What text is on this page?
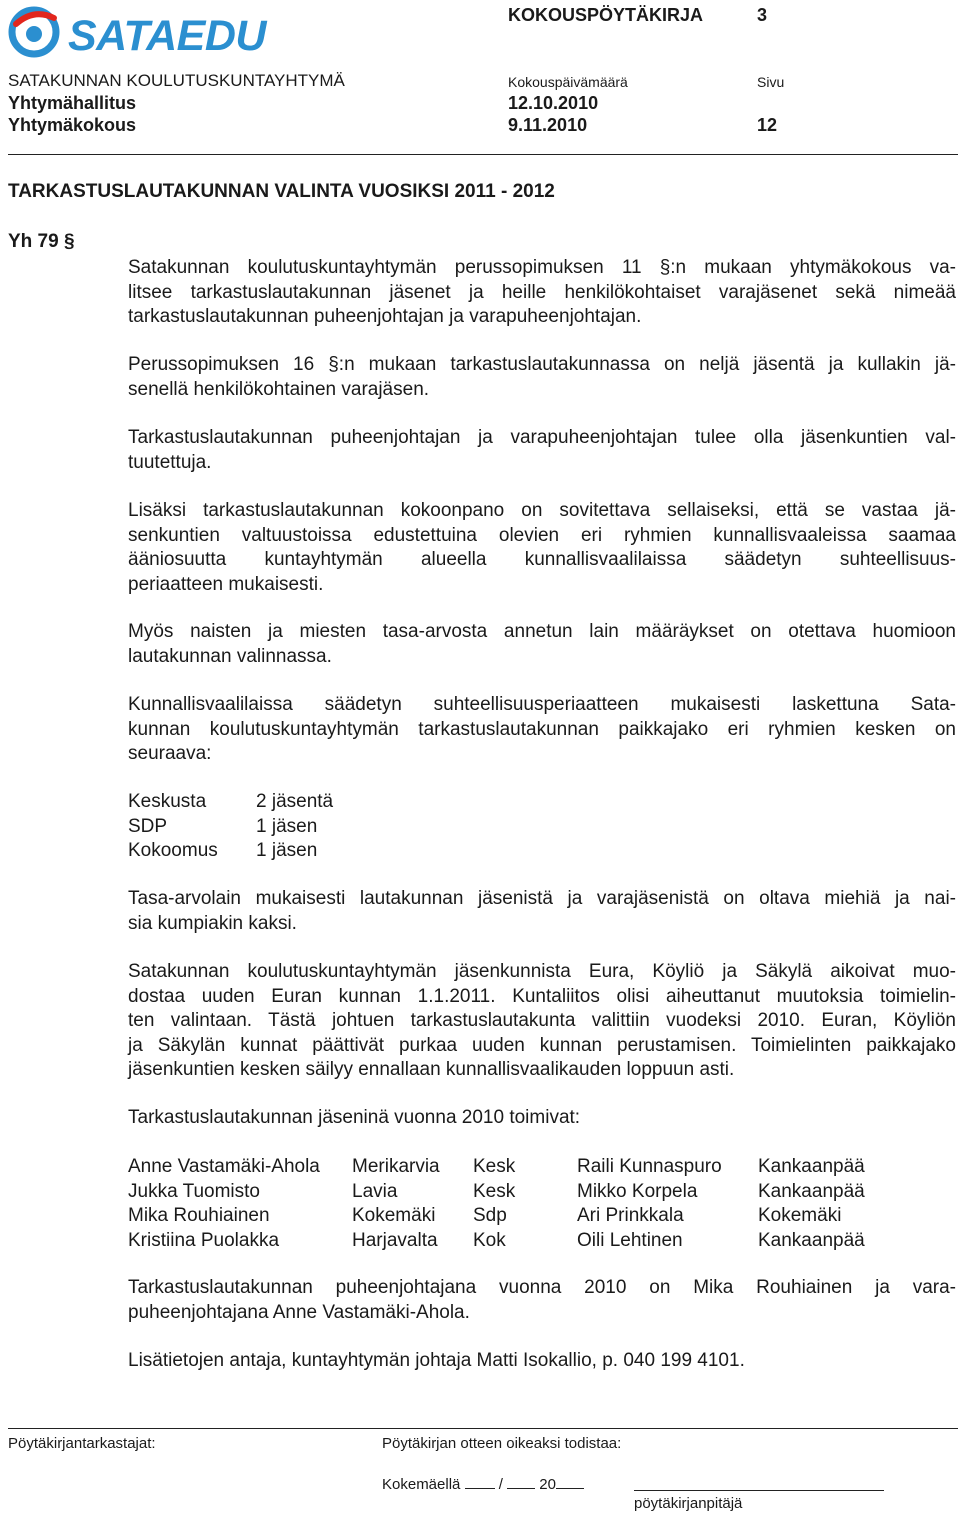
SATAEDU	KOKOUSPÖYTÄKIRJA	3
SATAKUNNAN KOULUTUSKUNTAYHTYMÄ	Kokouspäivämäärä	Sivu
Yhtymähallitus	12.10.2010
Yhtymäkokous	9.11.2010	12
TARKASTUSLAUTAKUNNAN VALINTA VUOSIKSI 2011 - 2012
Yh 79 §
Satakunnan koulutuskuntayhtymän perussopimuksen 11 §:n mukaan yhtymäkokous va-
litsee tarkastuslautakunnan jäsenet ja heille henkilökohtaiset varajäsenet sekä nimeää
tarkastuslautakunnan puheenjohtajan ja varapuheenjohtajan.
Perussopimuksen 16 §:n mukaan tarkastuslautakunnassa on neljä jäsentä ja kullakin jä-
senellä henkilökohtainen varajäsen.
Tarkastuslautakunnan puheenjohtajan ja varapuheenjohtajan tulee olla jäsenkuntien val-
tuutettuja.
Lisäksi tarkastuslautakunnan kokoonpano on sovitettava sellaiseksi, että se vastaa jä-
senkuntien valtuustoissa edustettuina olevien eri ryhmien kunnallisvaaleissa saamaa
ääniosuutta kuntayhtymän alueella kunnallisvaalilaissa säädetyn suhteellisuus-
periaatteen mukaisesti.
Myös naisten ja miesten tasa-arvosta annetun lain määräykset on otettava huomioon
lautakunnan valinnassa.
Kunnallisvaalilaissa säädetyn suhteellisuusperiaatteen mukaisesti laskettuna Sata-
kunnan koulutuskuntayhtymän tarkastuslautakunnan paikkajako eri ryhmien kesken on
seuraava:
Keskusta	2 jäsentä
SDP	1 jäsen
Kokoomus	1 jäsen
Tasa-arvolain mukaisesti lautakunnan jäsenistä ja varajäsenistä on oltava miehiä ja nai-
sia kumpiakin kaksi.
Satakunnan koulutuskuntayhtymän jäsenkunnista Eura, Köyliö ja Säkylä aikoivat muo-
dostaa uuden Euran kunnan 1.1.2011. Kuntaliitos olisi aiheuttanut muutoksia toimielin-
ten valintaan. Tästä johtuen tarkastuslautakunta valittiin vuodeksi 2010. Euran, Köyliön
ja Säkylän kunnat päättivät purkaa uuden kunnan perustamisen. Toimielinten paikkajako
jäsenkuntien kesken säilyy ennallaan kunnallisvaalikauden loppuun asti.
Tarkastuslautakunnan jäseninä vuonna 2010 toimivat:
Anne Vastamäki-Ahola	Merikarvia	Kesk	Raili Kunnaspuro	Kankaanpää
Jukka Tuomisto	Lavia	Kesk	Mikko Korpela	Kankaanpää
Mika Rouhiainen	Kokemäki	Sdp	Ari Prinkkala	Kokemäki
Kristiina Puolakka	Harjavalta	Kok	Oili Lehtinen	Kankaanpää
Tarkastuslautakunnan puheenjohtajana vuonna 2010 on Mika Rouhiainen ja vara-
puheenjohtajana Anne Vastamäki-Ahola.
Lisätietojen antaja, kuntayhtymän johtaja Matti Isokallio, p. 040 199 4101.
Pöytäkirjantarkastajat:	Pöytäkirjan otteen oikeaksi todistaa:
Kokemäellä	/ 20
pöytäkirjanpitäjä
